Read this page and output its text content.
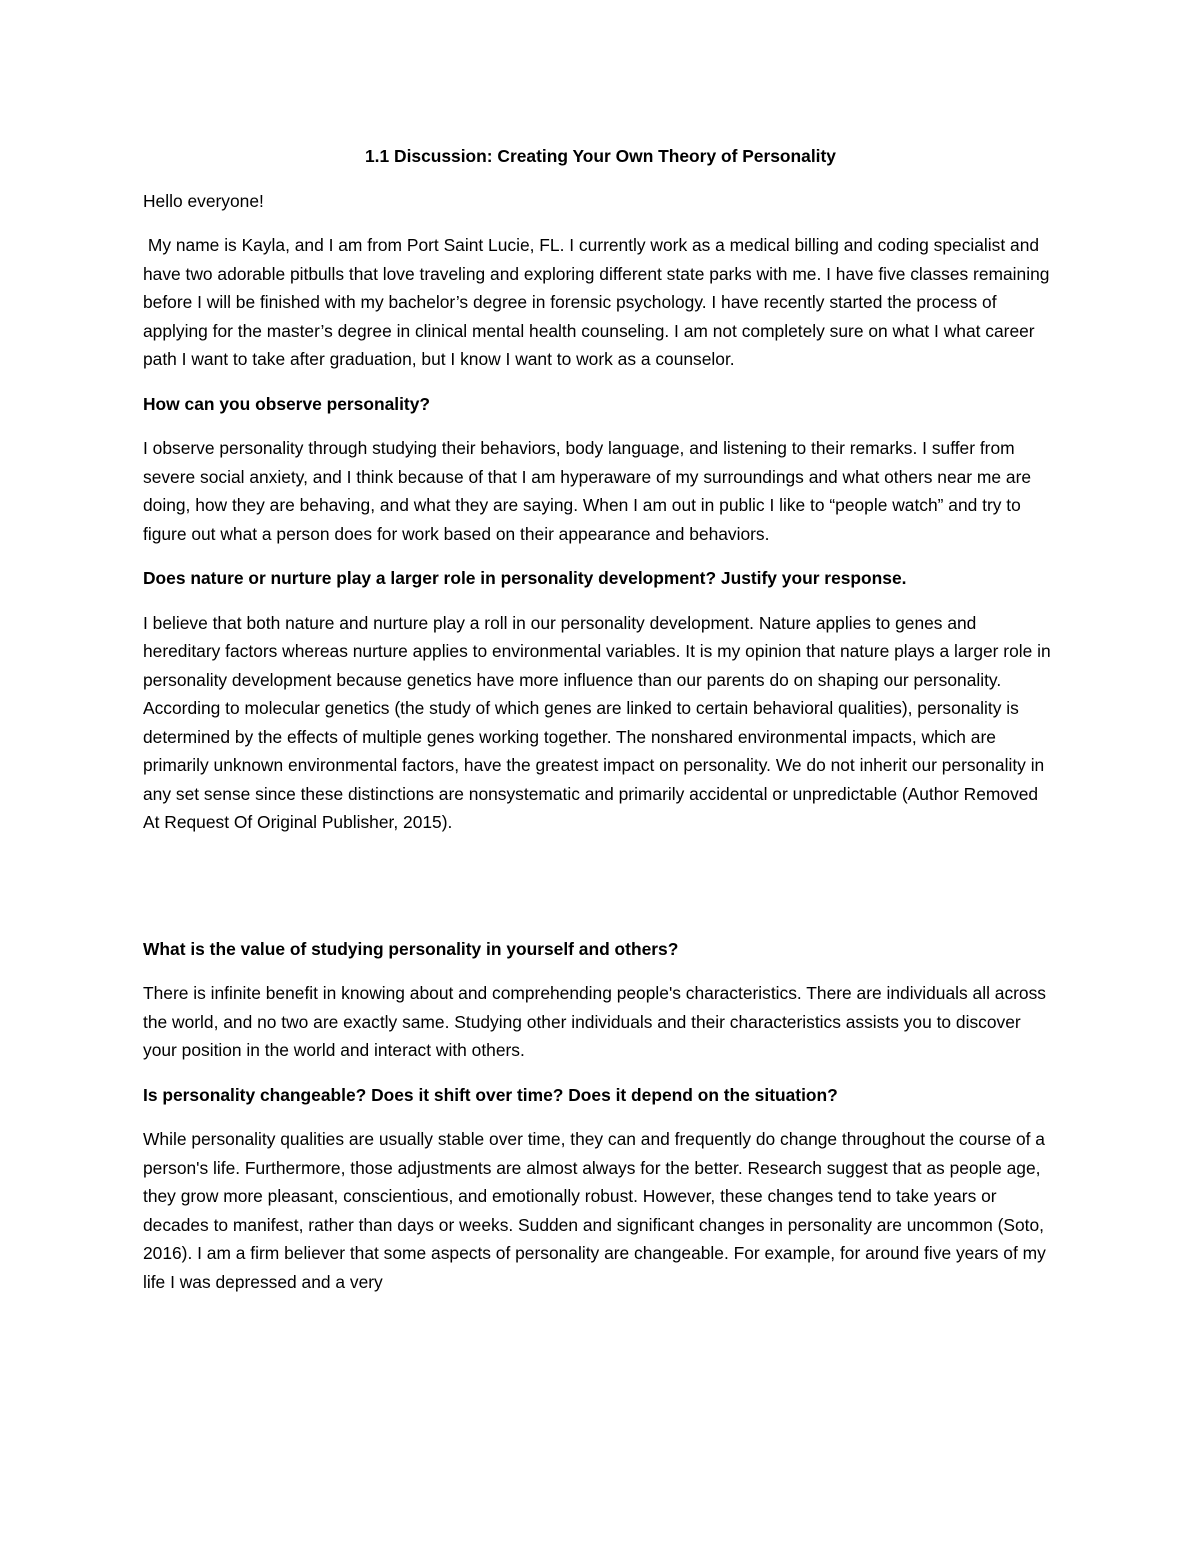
1.1 Discussion: Creating Your Own Theory of Personality

Hello everyone!

My name is Kayla, and I am from Port Saint Lucie, FL. I currently work as a medical billing and coding specialist and have two adorable pitbulls that love traveling and exploring different state parks with me. I have five classes remaining before I will be finished with my bachelor’s degree in forensic psychology. I have recently started the process of applying for the master’s degree in clinical mental health counseling. I am not completely sure on what I what career path I want to take after graduation, but I know I want to work as a counselor.

How can you observe personality?

I observe personality through studying their behaviors, body language, and listening to their remarks. I suffer from severe social anxiety, and I think because of that I am hyperaware of my surroundings and what others near me are doing, how they are behaving, and what they are saying. When I am out in public I like to “people watch” and try to figure out what a person does for work based on their appearance and behaviors.

Does nature or nurture play a larger role in personality development? Justify your response.

I believe that both nature and nurture play a roll in our personality development. Nature applies to genes and hereditary factors whereas nurture applies to environmental variables. It is my opinion that nature plays a larger role in personality development because genetics have more influence than our parents do on shaping our personality. According to molecular genetics (the study of which genes are linked to certain behavioral qualities), personality is determined by the effects of multiple genes working together. The nonshared environmental impacts, which are primarily unknown environmental factors, have the greatest impact on personality. We do not inherit our personality in any set sense since these distinctions are nonsystematic and primarily accidental or unpredictable (Author Removed At Request Of Original Publisher, 2015).

What is the value of studying personality in yourself and others?

There is infinite benefit in knowing about and comprehending people's characteristics. There are individuals all across the world, and no two are exactly same. Studying other individuals and their characteristics assists you to discover your position in the world and interact with others.

Is personality changeable? Does it shift over time? Does it depend on the situation?

While personality qualities are usually stable over time, they can and frequently do change throughout the course of a person's life. Furthermore, those adjustments are almost always for the better. Research suggest that as people age, they grow more pleasant, conscientious, and emotionally robust. However, these changes tend to take years or decades to manifest, rather than days or weeks. Sudden and significant changes in personality are uncommon (Soto, 2016). I am a firm believer that some aspects of personality are changeable. For example, for around five years of my life I was depressed and a very
